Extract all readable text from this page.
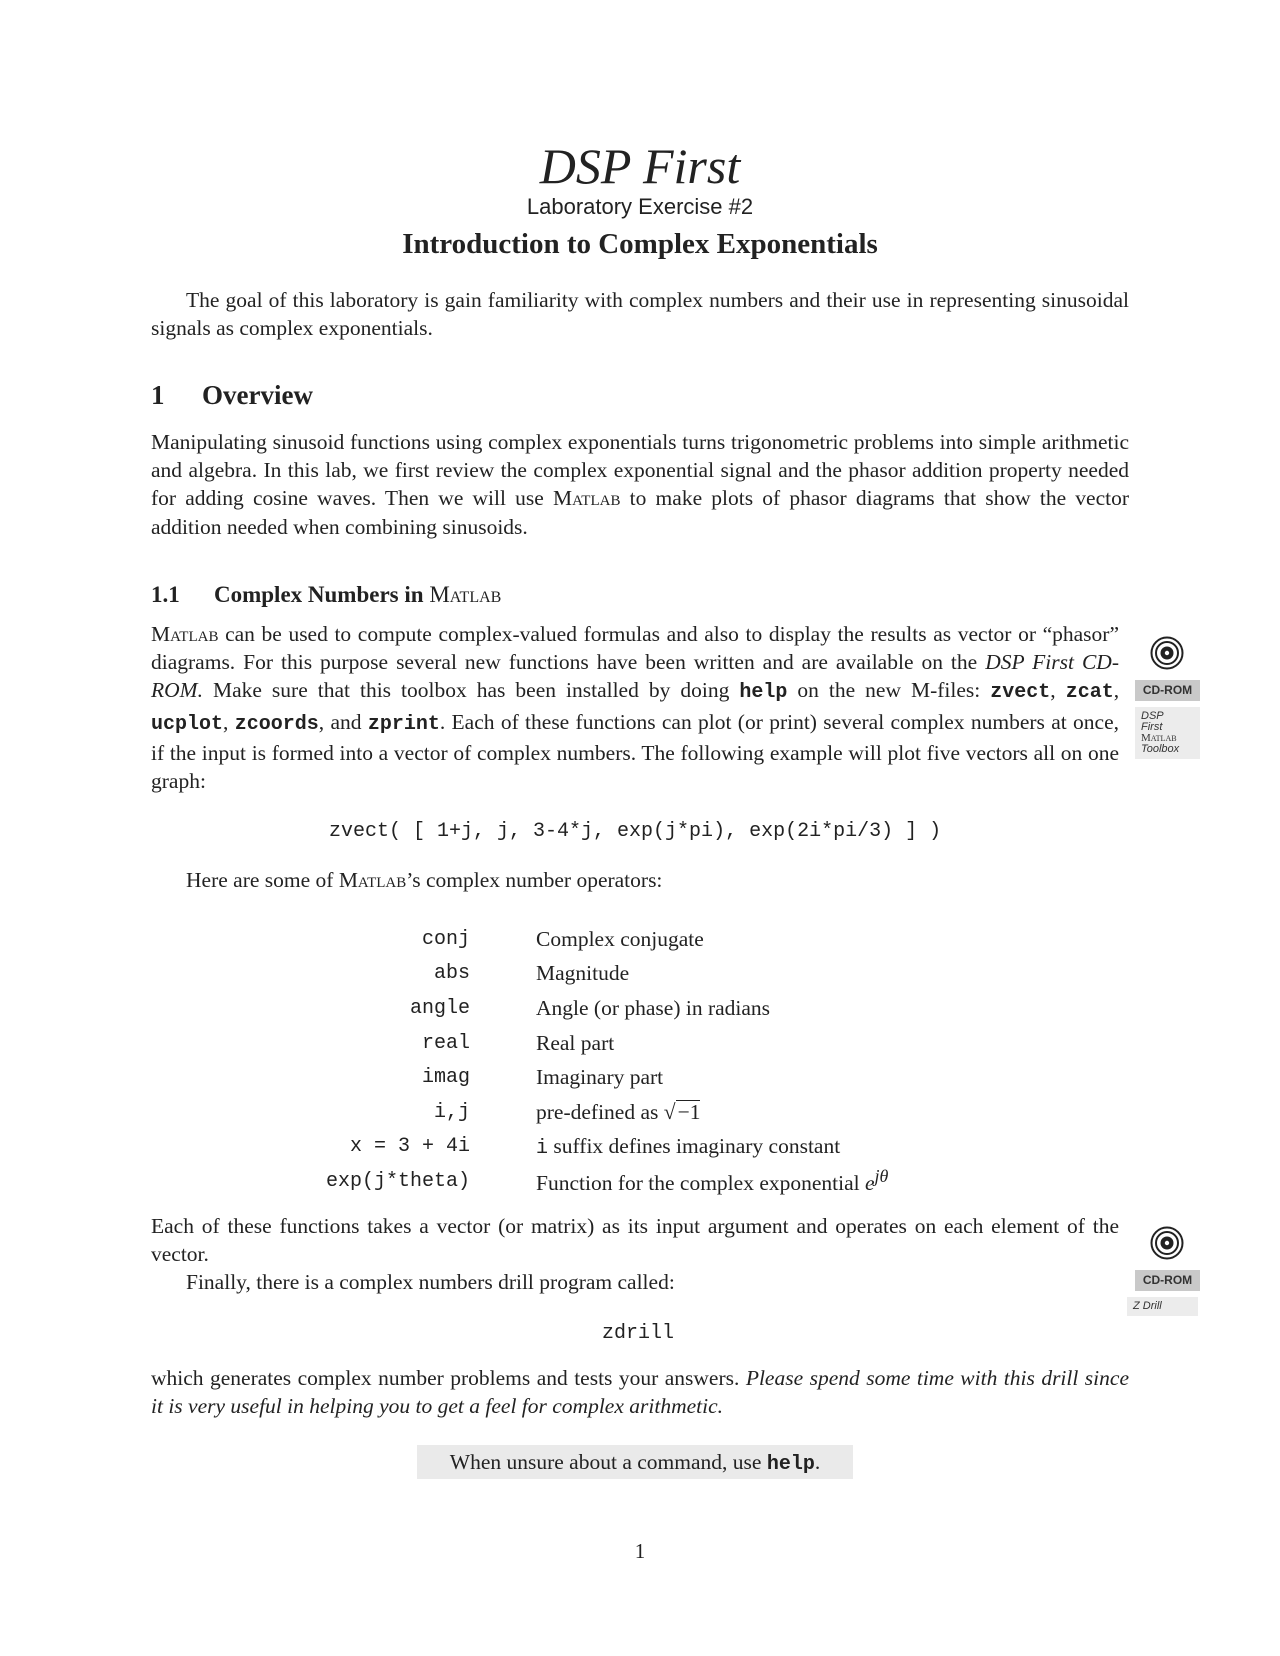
DSP First
Laboratory Exercise #2
Introduction to Complex Exponentials

The goal of this laboratory is gain familiarity with complex numbers and their use in representing sinusoidal signals as complex exponentials.

1 Overview

Manipulating sinusoid functions using complex exponentials turns trigonometric problems into simple arithmetic and algebra. In this lab, we first review the complex exponential signal and the phasor addition property needed for adding cosine waves. Then we will use Matlab to make plots of phasor diagrams that show the vector addition needed when combining sinusoids.

1.1 Complex Numbers in Matlab

Matlab can be used to compute complex-valued formulas and also to display the results as vector or “phasor” diagrams. For this purpose several new functions have been written and are available on the DSP First CD-ROM. Make sure that this toolbox has been installed by doing help on the new M-files: zvect, zcat, ucplot, zcoords, and zprint. Each of these functions can plot (or print) several complex numbers at once, if the input is formed into a vector of complex numbers. The following example will plot five vectors all on one graph:

zvect( [ 1+j, j, 3-4*j, exp(j*pi), exp(2i*pi/3) ] )

Here are some of Matlab’s complex number operators:

conj		Complex conjugate
abs		Magnitude
angle		Angle (or phase) in radians
real		Real part
imag		Imaginary part
i,j		pre-defined as √−1
x = 3 + 4i		i suffix defines imaginary constant
exp(j*theta)		Function for the complex exponential $e^{j\theta}$

Each of these functions takes a vector (or matrix) as its input argument and operates on each element of the vector.

Finally, there is a complex numbers drill program called:

zdrill

which generates complex number problems and tests your answers. Please spend some time with this drill since it is very useful in helping you to get a feel for complex arithmetic.

When unsure about a command, use help.
CD-ROM
DSP
First
Matlab
Toolbox
CD-ROM
Z Drill
1
